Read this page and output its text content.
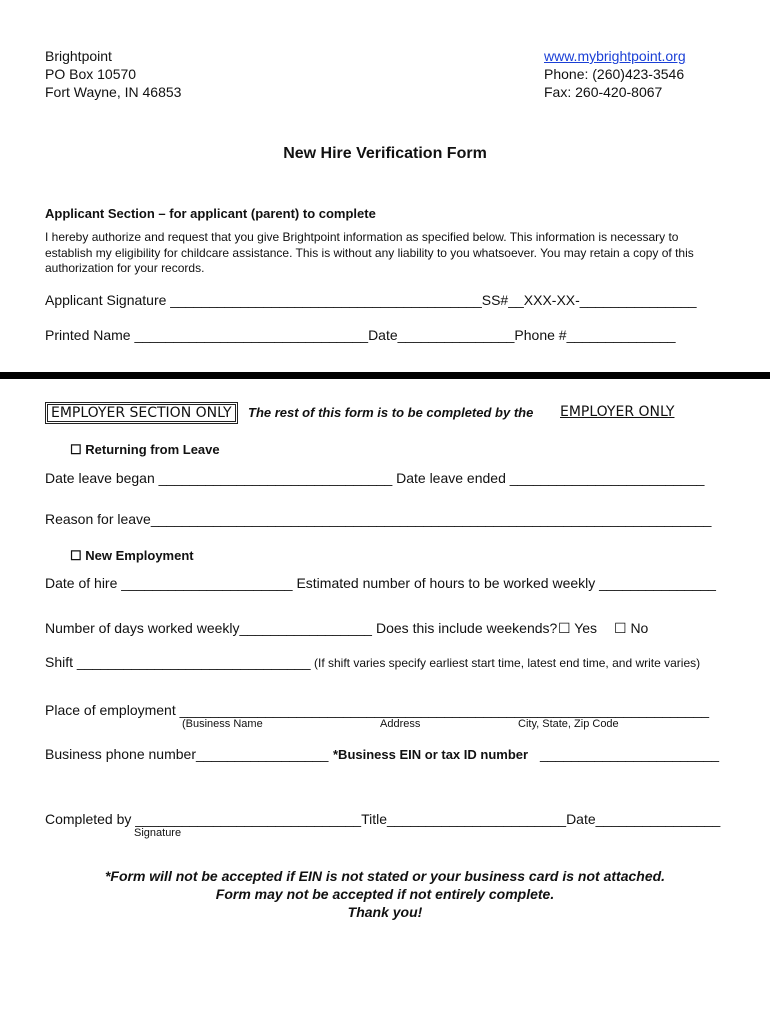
Brightpoint
PO Box 10570
Fort Wayne, IN 46853
www.mybrightpoint.org
Phone: (260)423-3546
Fax: 260-420-8067
New Hire Verification Form
Applicant Section – for applicant (parent) to complete
I hereby authorize and request that you give Brightpoint information as specified below. This information is necessary to establish my eligibility for childcare assistance. This is without any liability to you whatsoever. You may retain a copy of this authorization for your records.
Applicant Signature ________________________________________SS#__XXX-XX-_______________
Printed Name ______________________________Date_______________Phone #______________
EMPLOYER SECTION ONLY	The rest of this form is to be completed by the EMPLOYER ONLY
☐ Returning from Leave
Date leave began ______________________________ Date leave ended _________________________
Reason for leave________________________________________________________________________
☐ New Employment
Date of hire ______________________ Estimated number of hours to be worked weekly _______________
Number of days worked weekly_________________ Does this include weekends? ☐ Yes ☐ No
Shift ______________________________ (If shift varies specify earliest start time, latest end time, and write varies)
Place of employment ____________________________________________________________________
(Business Name	Address	City, State, Zip Code
Business phone number_________________ *Business EIN or tax ID number _______________________
Completed by _____________________________Title_______________________Date________________
Signature
*Form will not be accepted if EIN is not stated or your business card is not attached.
Form may not be accepted if not entirely complete.
Thank you!
